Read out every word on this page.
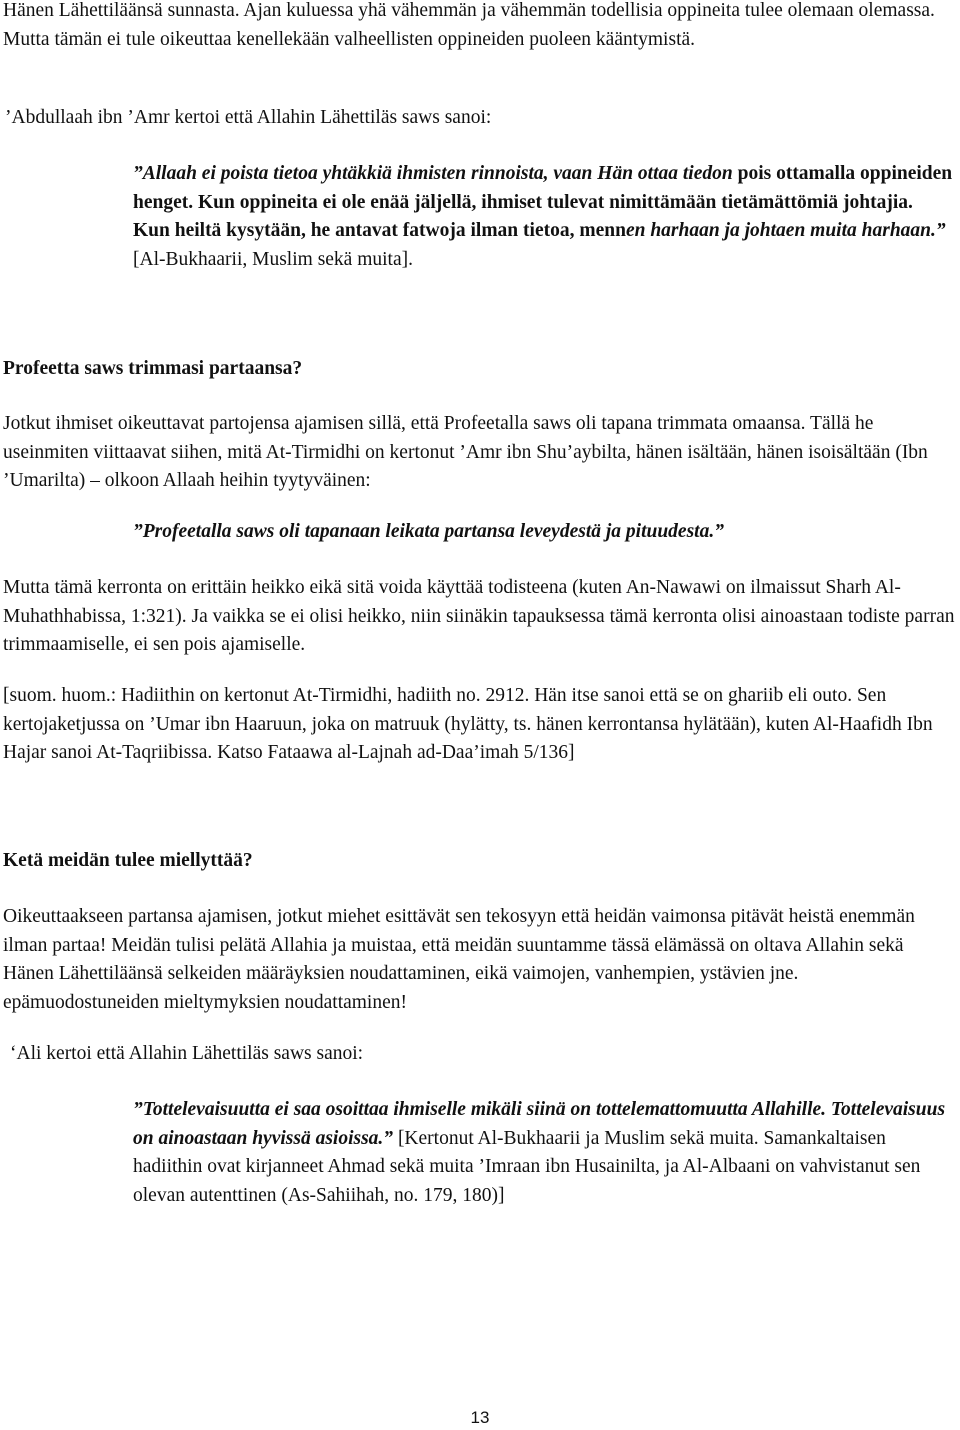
Hänen Lähettiläänsä sunnasta. Ajan kuluessa yhä vähemmän ja vähemmän todellisia oppineita tulee olemaan olemassa. Mutta tämän ei tule oikeuttaa kenellekään valheellisten oppineiden puoleen kääntymistä.

’Abdullaah ibn ’Amr kertoi että Allahin Lähettiläs saws sanoi:

”Allaah ei poista tietoa yhtäkkiä ihmisten rinnoista, vaan Hän ottaa tiedon pois ottamalla oppineiden henget. Kun oppineita ei ole enää jäljellä, ihmiset tulevat nimittämään tietämättömiä johtajia. Kun heiltä kysytään, he antavat fatwoja ilman tietoa, mennen harhaan ja johtaen muita harhaan.” [Al-Bukhaarii, Muslim sekä muita].

Profeetta saws trimmasi partaansa?

Jotkut ihmiset oikeuttavat partojensa ajamisen sillä, että Profeetalla saws oli tapana trimmata omaansa. Tällä he useinmiten viittaavat siihen, mitä At-Tirmidhi on kertonut ’Amr ibn Shu’aybilta, hänen isältään, hänen isoisältään (Ibn ’Umarilta) – olkoon Allaah heihin tyytyväinen:

”Profeetalla saws oli tapanaan leikata partansa leveydestä ja pituudesta.”

Mutta tämä kerronta on erittäin heikko eikä sitä voida käyttää todisteena (kuten An-Nawawi on ilmaissut Sharh Al-Muhathhabissa, 1:321). Ja vaikka se ei olisi heikko, niin siinäkin tapauksessa tämä kerronta olisi ainoastaan todiste parran trimmaamiselle, ei sen pois ajamiselle.

[suom. huom.: Hadiithin on kertonut At-Tirmidhi, hadiith no. 2912. Hän itse sanoi että se on ghariib eli outo. Sen kertojaketjussa on ’Umar ibn Haaruun, joka on matruuk (hylätty, ts. hänen kerrontansa hylätään), kuten Al-Haafidh Ibn Hajar sanoi At-Taqriibissa. Katso Fataawa al-Lajnah ad-Daa’imah 5/136]

Ketä meidän tulee miellyttää?

Oikeuttaakseen partansa ajamisen, jotkut miehet esittävät sen tekosyyn että heidän vaimonsa pitävät heistä enemmän ilman partaa! Meidän tulisi pelätä Allahia ja muistaa, että meidän suuntamme tässä elämässä on oltava Allahin sekä Hänen Lähettiläänsä selkeiden määräyksien noudattaminen, eikä vaimojen, vanhempien, ystävien jne. epämuodostuneiden mieltymyksien noudattaminen!

‘Ali kertoi että Allahin Lähettiläs saws sanoi:

”Tottelevaisuutta ei saa osoittaa ihmiselle mikäli siinä on tottelemattomuutta Allahille. Tottelevaisuus on ainoastaan hyvissä asioissa.” [Kertonut Al-Bukhaarii ja Muslim sekä muita. Samankaltaisen hadiithin ovat kirjanneet Ahmad sekä muita ’Imraan ibn Husainilta, ja Al-Albaani on vahvistanut sen olevan autenttinen (As-Sahiihah, no. 179, 180)]

13
